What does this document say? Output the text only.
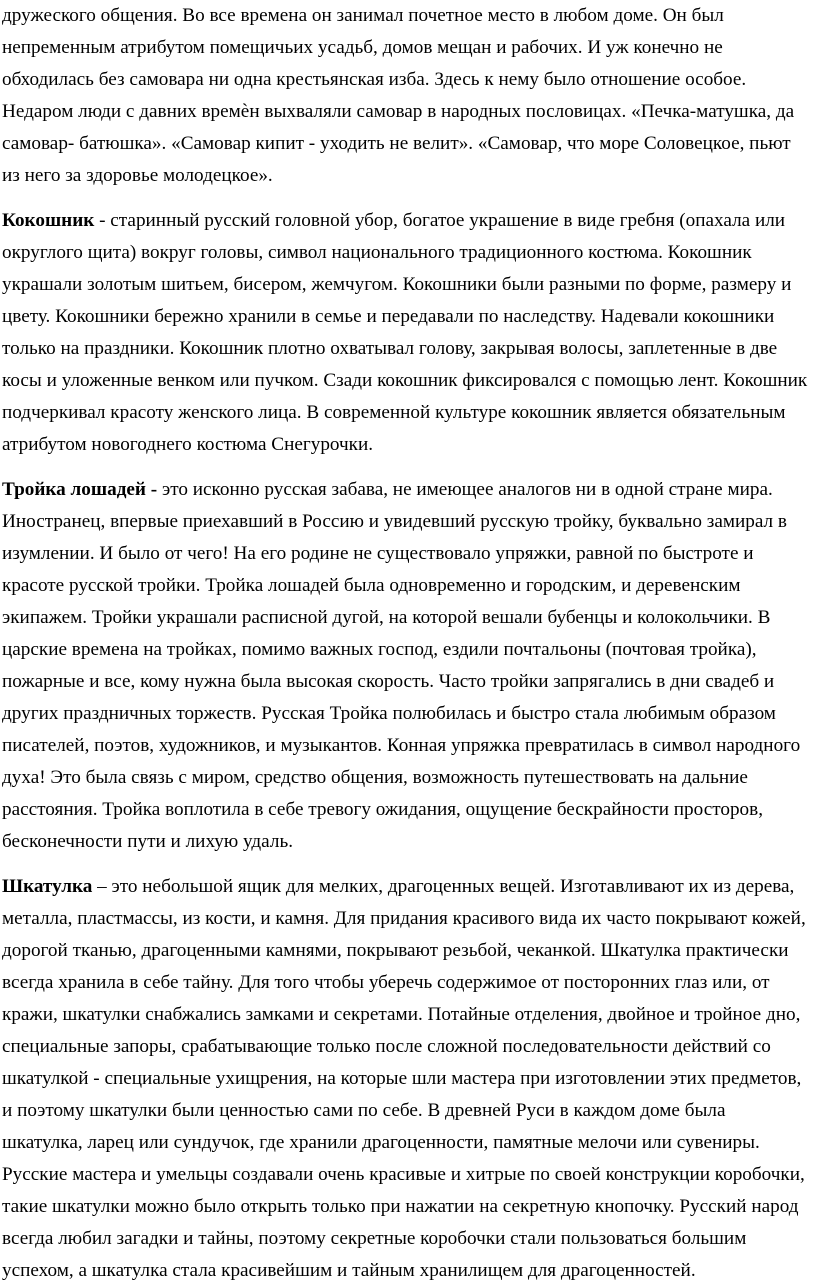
дружеского общения. Во все времена он занимал почетное место в любом доме. Он был непременным атрибутом помещичьих усадьб, домов мещан и рабочих. И уж конечно не обходилась без самовара ни одна крестьянская изба. Здесь к нему было отношение особое. Недаром люди с давних времѐн выхваляли самовар в народных пословицах. «Печка-матушка, да самовар- батюшка». «Самовар кипит - уходить не велит». «Самовар, что море Соловецкое, пьют из него за здоровье молодецкое».

Кокошник - старинный русский головной убор, богатое украшение в виде гребня (опахала или округлого щита) вокруг головы, символ национального традиционного костюма. Кокошник украшали золотым шитьем, бисером, жемчугом. Кокошники были разными по форме, размеру и цвету. Кокошники бережно хранили в семье и передавали по наследству. Надевали кокошники только на праздники. Кокошник плотно охватывал голову, закрывая волосы, заплетенные в две косы и уложенные венком или пучком. Сзади кокошник фиксировался с помощью лент. Кокошник подчеркивал красоту женского лица. В современной культуре кокошник является обязательным атрибутом новогоднего костюма Снегурочки.

Тройка лошадей - это исконно русская забава, не имеющее аналогов ни в одной стране мира. Иностранец, впервые приехавший в Россию и увидевший русскую тройку, буквально замирал в изумлении. И было от чего! На его родине не существовало упряжки, равной по быстроте и красоте русской тройки. Тройка лошадей была одновременно и городским, и деревенским экипажем. Тройки украшали расписной дугой, на которой вешали бубенцы и колокольчики. В царские времена на тройках, помимо важных господ, ездили почтальоны (почтовая тройка), пожарные и все, кому нужна была высокая скорость. Часто тройки запрягались в дни свадеб и других праздничных торжеств. Русская Тройка полюбилась и быстро стала любимым образом писателей, поэтов, художников, и музыкантов. Конная упряжка превратилась в символ народного духа! Это была связь с миром, средство общения, возможность путешествовать на дальние расстояния. Тройка воплотила в себе тревогу ожидания, ощущение бескрайности просторов, бесконечности пути и лихую удаль.

Шкатулка – это небольшой ящик для мелких, драгоценных вещей. Изготавливают их из дерева, металла, пластмассы, из кости, и камня. Для придания красивого вида их часто покрывают кожей, дорогой тканью, драгоценными камнями, покрывают резьбой, чеканкой. Шкатулка практически всегда хранила в себе тайну. Для того чтобы уберечь содержимое от посторонних глаз или, от кражи, шкатулки снабжались замками и секретами. Потайные отделения, двойное и тройное дно, специальные запоры, срабатывающие только после сложной последовательности действий со шкатулкой - специальные ухищрения, на которые шли мастера при изготовлении этих предметов, и поэтому шкатулки были ценностью сами по себе. В древней Руси в каждом доме была шкатулка, ларец или сундучок, где хранили драгоценности, памятные мелочи или сувениры. Русские мастера и умельцы создавали очень красивые и хитрые по своей конструкции коробочки, такие шкатулки можно было открыть только при нажатии на секретную кнопочку. Русский народ всегда любил загадки и тайны, поэтому секретные коробочки стали пользоваться большим успехом, а шкатулка стала красивейшим и тайным хранилищем для драгоценностей.
